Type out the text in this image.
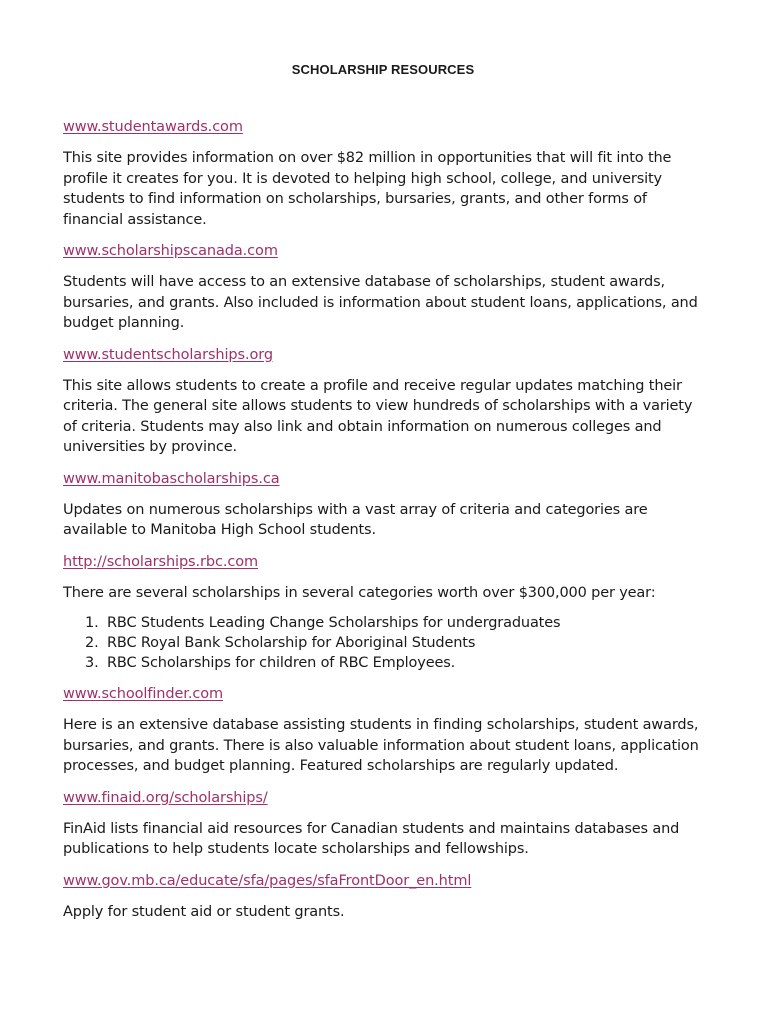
SCHOLARSHIP RESOURCES
www.studentawards.com
This site provides information on over $82 million in opportunities that will fit into the profile it creates for you. It is devoted to helping high school, college, and university students to find information on scholarships, bursaries, grants, and other forms of financial assistance.
www.scholarshipscanada.com
Students will have access to an extensive database of scholarships, student awards, bursaries, and grants. Also included is information about student loans, applications, and budget planning.
www.studentscholarships.org
This site allows students to create a profile and receive regular updates matching their criteria. The general site allows students to view hundreds of scholarships with a variety of criteria. Students may also link and obtain information on numerous colleges and universities by province.
www.manitobascholarships.ca
Updates on numerous scholarships with a vast array of criteria and categories are available to Manitoba High School students.
http://scholarships.rbc.com
There are several scholarships in several categories worth over $300,000 per year:
1. RBC Students Leading Change Scholarships for undergraduates
2. RBC Royal Bank Scholarship for Aboriginal Students
3. RBC Scholarships for children of RBC Employees.
www.schoolfinder.com
Here is an extensive database assisting students in finding scholarships, student awards, bursaries, and grants. There is also valuable information about student loans, application processes, and budget planning. Featured scholarships are regularly updated.
www.finaid.org/scholarships/
FinAid lists financial aid resources for Canadian students and maintains databases and publications to help students locate scholarships and fellowships.
www.gov.mb.ca/educate/sfa/pages/sfaFrontDoor_en.html
Apply for student aid or student grants.
